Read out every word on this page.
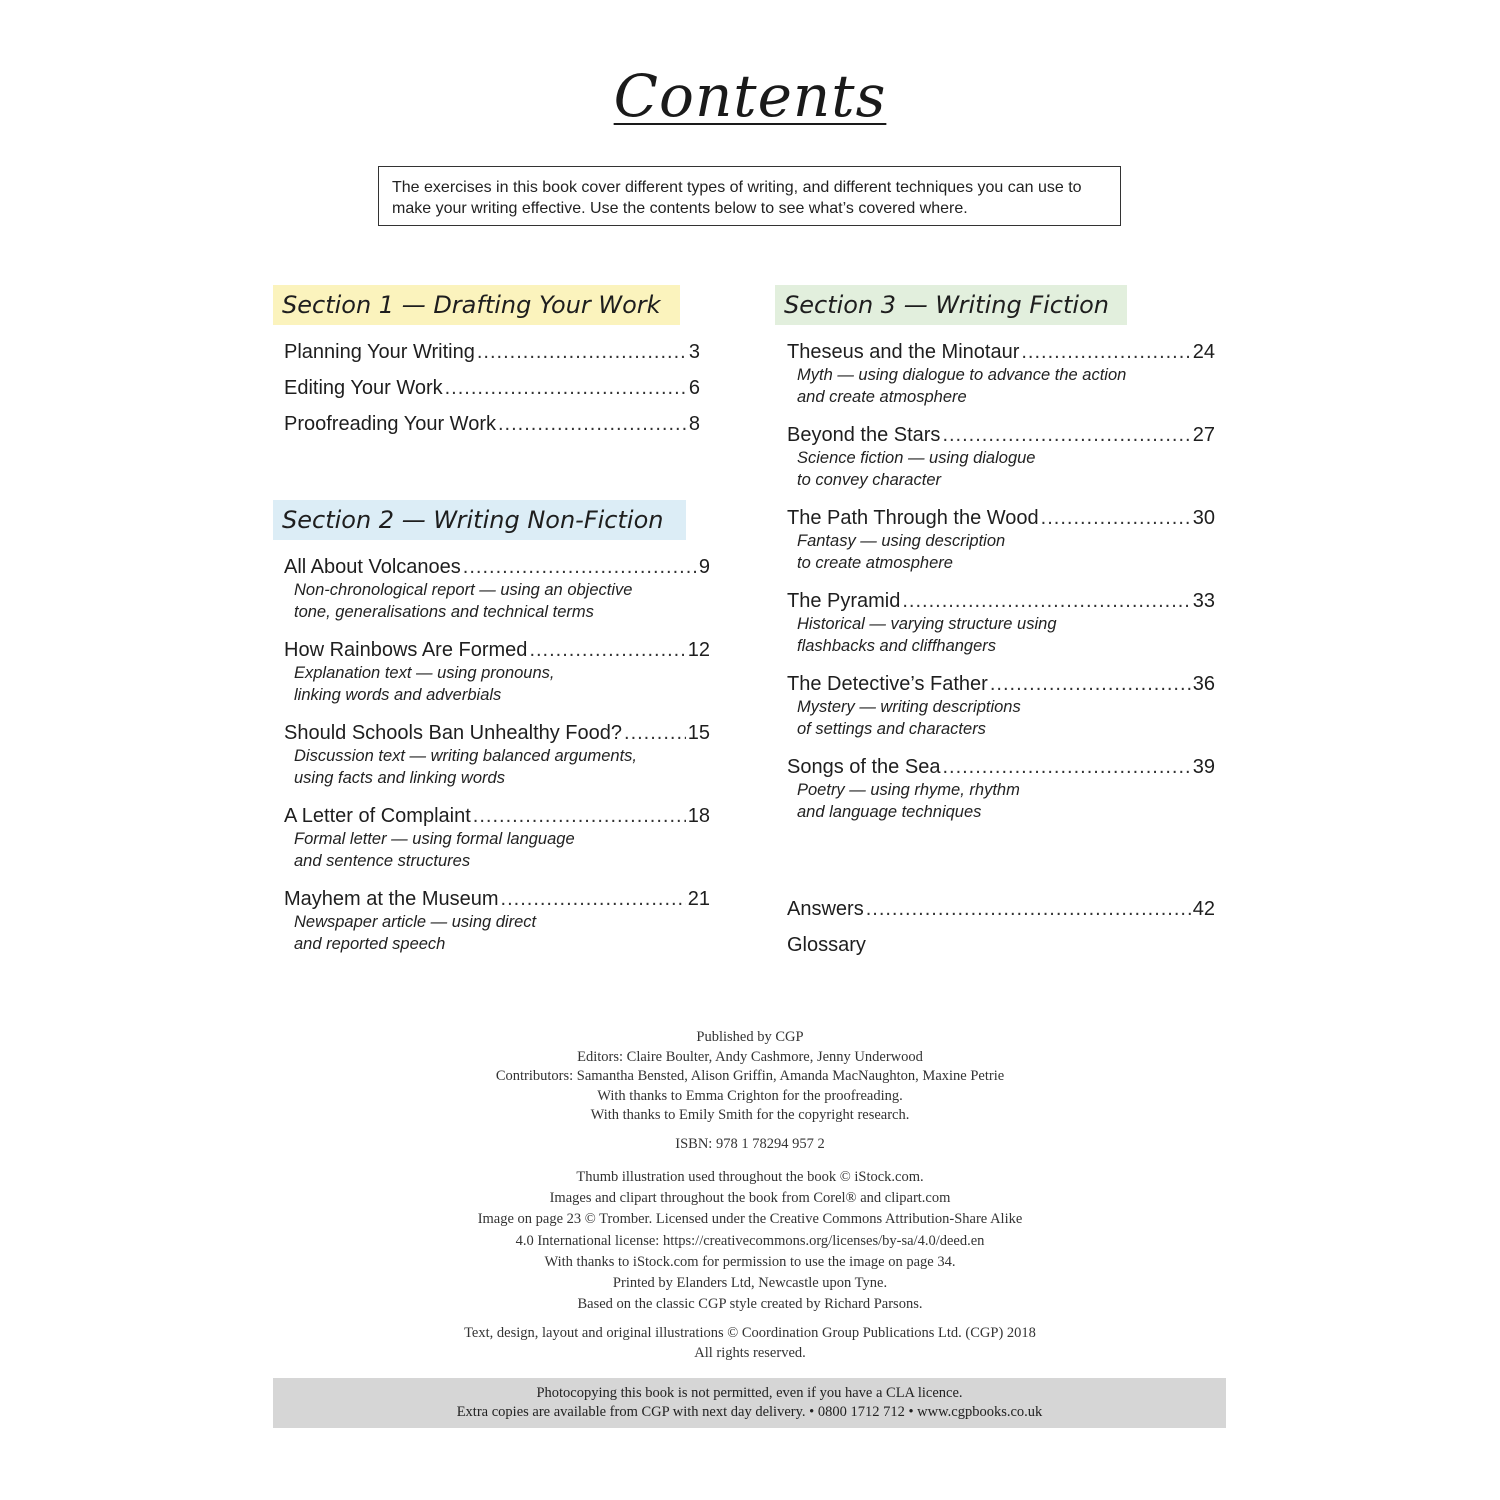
Contents
The exercises in this book cover different types of writing, and different techniques you can use to make your writing effective. Use the contents below to see what’s covered where.
Section 1 — Drafting Your Work
Planning Your Writing .....	3
Editing Your Work .....	6
Proofreading Your Work .....	8
Section 2 — Writing Non-Fiction
All About Volcanoes .....	9
Non-chronological report — using an objective
tone, generalisations and technical terms
How Rainbows Are Formed .....	12
Explanation text — using pronouns,
linking words and adverbials
Should Schools Ban Unhealthy Food? .....	15
Discussion text — writing balanced arguments,
using facts and linking words
A Letter of Complaint .....	18
Formal letter — using formal language
and sentence structures
Mayhem at the Museum .....	21
Newspaper article — using direct
and reported speech
Section 3 — Writing Fiction
Theseus and the Minotaur .....	24
Myth — using dialogue to advance the action
and create atmosphere
Beyond the Stars .....	27
Science fiction — using dialogue
to convey character
The Path Through the Wood .....	30
Fantasy — using description
to create atmosphere
The Pyramid .....	33
Historical — varying structure using
flashbacks and cliffhangers
The Detective’s Father .....	36
Mystery — writing descriptions
of settings and characters
Songs of the Sea .....	39
Poetry — using rhyme, rhythm
and language techniques
Answers .....	42
Glossary
Published by CGP
Editors: Claire Boulter, Andy Cashmore, Jenny Underwood
Contributors: Samantha Bensted, Alison Griffin, Amanda MacNaughton, Maxine Petrie
With thanks to Emma Crighton for the proofreading.
With thanks to Emily Smith for the copyright research.
ISBN: 978 1 78294 957 2
Thumb illustration used throughout the book © iStock.com.
Images and clipart throughout the book from Corel® and clipart.com
Image on page 23 © Tromber. Licensed under the Creative Commons Attribution-Share Alike
4.0 International license: https://creativecommons.org/licenses/by-sa/4.0/deed.en
With thanks to iStock.com for permission to use the image on page 34.
Printed by Elanders Ltd, Newcastle upon Tyne.
Based on the classic CGP style created by Richard Parsons.
Text, design, layout and original illustrations © Coordination Group Publications Ltd. (CGP) 2018
All rights reserved.
Photocopying this book is not permitted, even if you have a CLA licence.
Extra copies are available from CGP with next day delivery. • 0800 1712 712 • www.cgpbooks.co.uk
